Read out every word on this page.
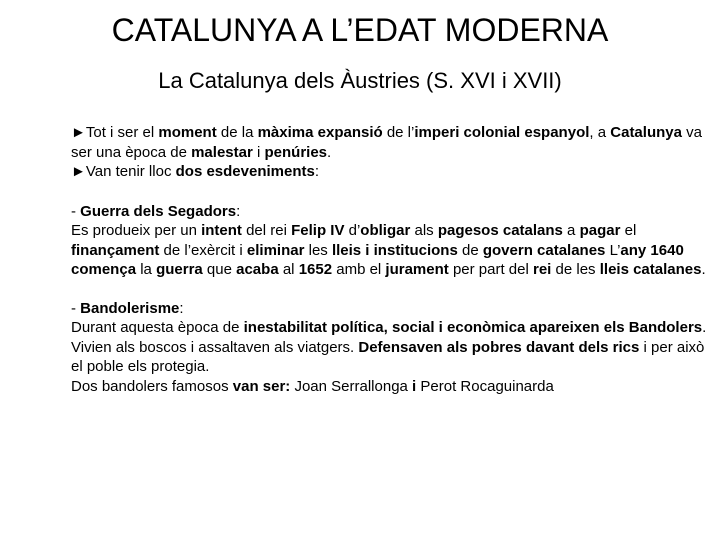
CATALUNYA A L’EDAT MODERNA
La Catalunya dels Àustries (S. XVI i XVII)

►Tot i ser el moment de la màxima expansió de l’imperi colonial espanyol, a Catalunya va ser una època de malestar i penúries.

►Van tenir lloc dos esdeveniments:

- Guerra dels Segadors:

Es produeix per un intent del rei Felip IV d’obligar als pagesos catalans a pagar el finançament de l’exèrcit i eliminar les lleis i institucions de govern catalanes L’any 1640 comença la guerra que acaba al 1652 amb el jurament per part del rei de les lleis catalanes.

- Bandolerisme:

Durant aquesta època de inestabilitat política, social i econòmica apareixen els Bandolers.

Vivien als boscos i assaltaven als viatgers. Defensaven als pobres davant dels rics i per això el poble els protegia.

Dos bandolers famosos van ser: Joan Serrallonga i Perot Rocaguinarda
